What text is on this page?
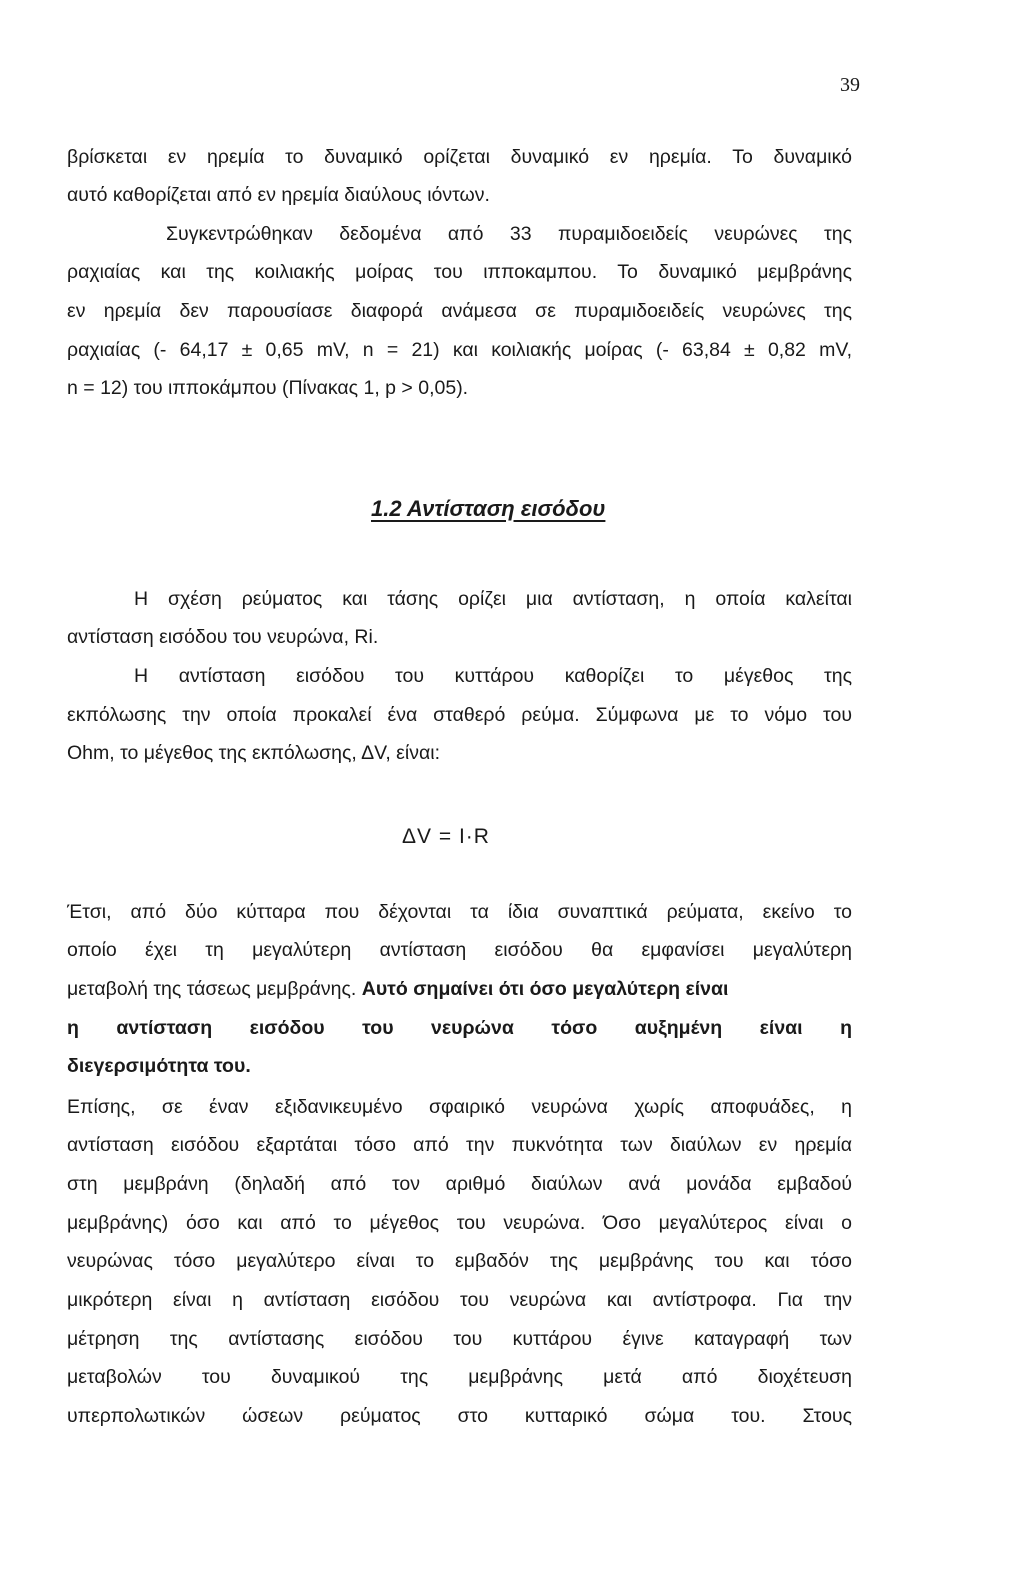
39
βρίσκεται εν ηρεμία το δυναμικό ορίζεται δυναμικό εν ηρεμία. Το δυναμικό
αυτό καθορίζεται από εν ηρεμία διαύλους ιόντων.
Συγκεντρώθηκαν δεδομένα από 33 πυραμιδοειδείς νευρώνες της
ραχιαίας και της κοιλιακής μοίρας του ιπποκαμπου. Το δυναμικό μεμβράνης
εν ηρεμία δεν παρουσίασε διαφορά ανάμεσα σε πυραμιδοειδείς νευρώνες της
ραχιαίας (- 64,17 ± 0,65 mV, n = 21) και κοιλιακής μοίρας (- 63,84 ± 0,82 mV,
n = 12) του ιπποκάμπου (Πίνακας 1, p > 0,05).
1.2 Αντίσταση εισόδου
Η σχέση ρεύματος και τάσης ορίζει μια αντίσταση, η οποία καλείται
αντίσταση εισόδου του νευρώνα, Ri.
Η αντίσταση εισόδου του κυττάρου καθορίζει το μέγεθος της
εκπόλωσης την οποία προκαλεί ένα σταθερό ρεύμα. Σύμφωνα με το νόμο του
Ohm, το μέγεθος της εκπόλωσης, ΔV, είναι:
ΔV = I·R
Έτσι, από δύο κύτταρα που δέχονται τα ίδια συναπτικά ρεύματα, εκείνο το
οποίο έχει τη μεγαλύτερη αντίσταση εισόδου θα εμφανίσει μεγαλύτερη
μεταβολή της τάσεως μεμβράνης. Αυτό σημαίνει ότι όσο μεγαλύτερη είναι
η αντίσταση εισόδου του νευρώνα τόσο αυξημένη είναι η
διεγερσιμότητα του.
Επίσης, σε έναν εξιδανικευμένο σφαιρικό νευρώνα χωρίς αποφυάδες, η
αντίσταση εισόδου εξαρτάται τόσο από την πυκνότητα των διαύλων εν ηρεμία
στη μεμβράνη (δηλαδή από τον αριθμό διαύλων ανά μονάδα εμβαδού
μεμβράνης) όσο και από το μέγεθος του νευρώνα. Όσο μεγαλύτερος είναι ο
νευρώνας τόσο μεγαλύτερο είναι το εμβαδόν της μεμβράνης του και τόσο
μικρότερη είναι η αντίσταση εισόδου του νευρώνα και αντίστροφα. Για την
μέτρηση της αντίστασης εισόδου του κυττάρου έγινε καταγραφή των
μεταβολών του δυναμικού της μεμβράνης μετά από διοχέτευση
υπερπολωτικών ώσεων ρεύματος στο κυτταρικό σώμα του. Στους
